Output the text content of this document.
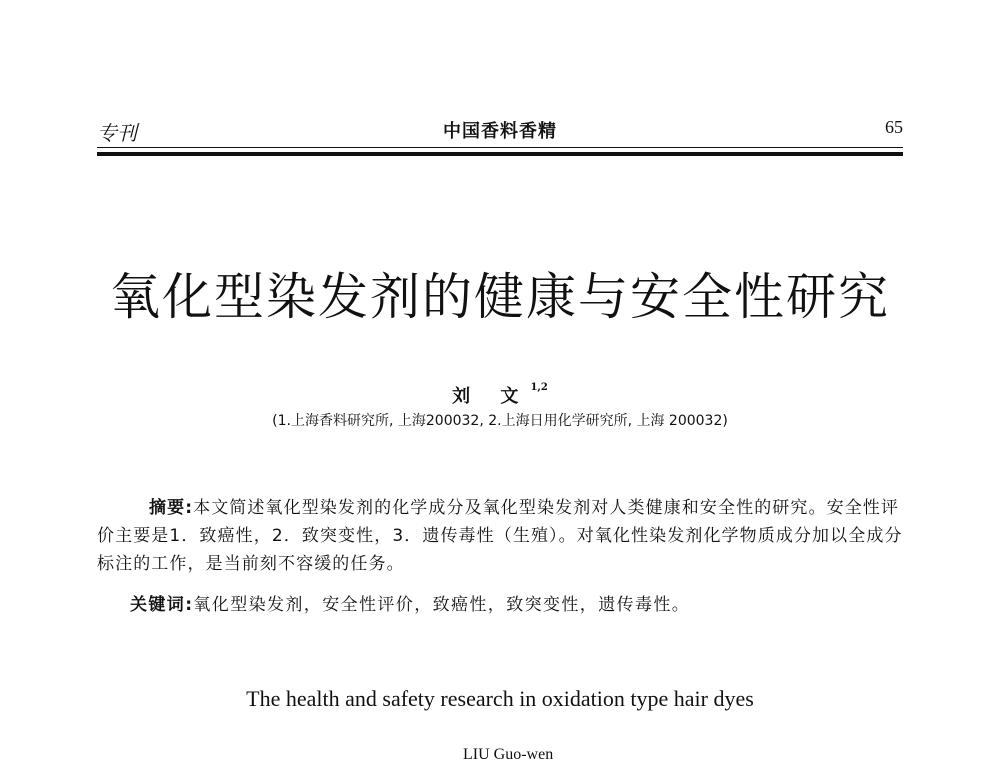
专刊	中国香料香精	65
氧化型染发剂的健康与安全性研究
刘 文$^{1,2}$
(1.上海香料研究所, 上海200032, 2.上海日用化学研究所, 上海 200032)
摘要:本文简述氧化型染发剂的化学成分及氧化型染发剂对人类健康和安全性的研究。安全性评价主要是1．致癌性，2．致突变性，3．遗传毒性（生殖）。对氧化性染发剂化学物质成分加以全成分标注的工作，是当前刻不容缓的任务。
关键词:氧化型染发剂，安全性评价，致癌性，致突变性，遗传毒性。
The health and safety research in oxidation type hair dyes
LIU Guo-wen
